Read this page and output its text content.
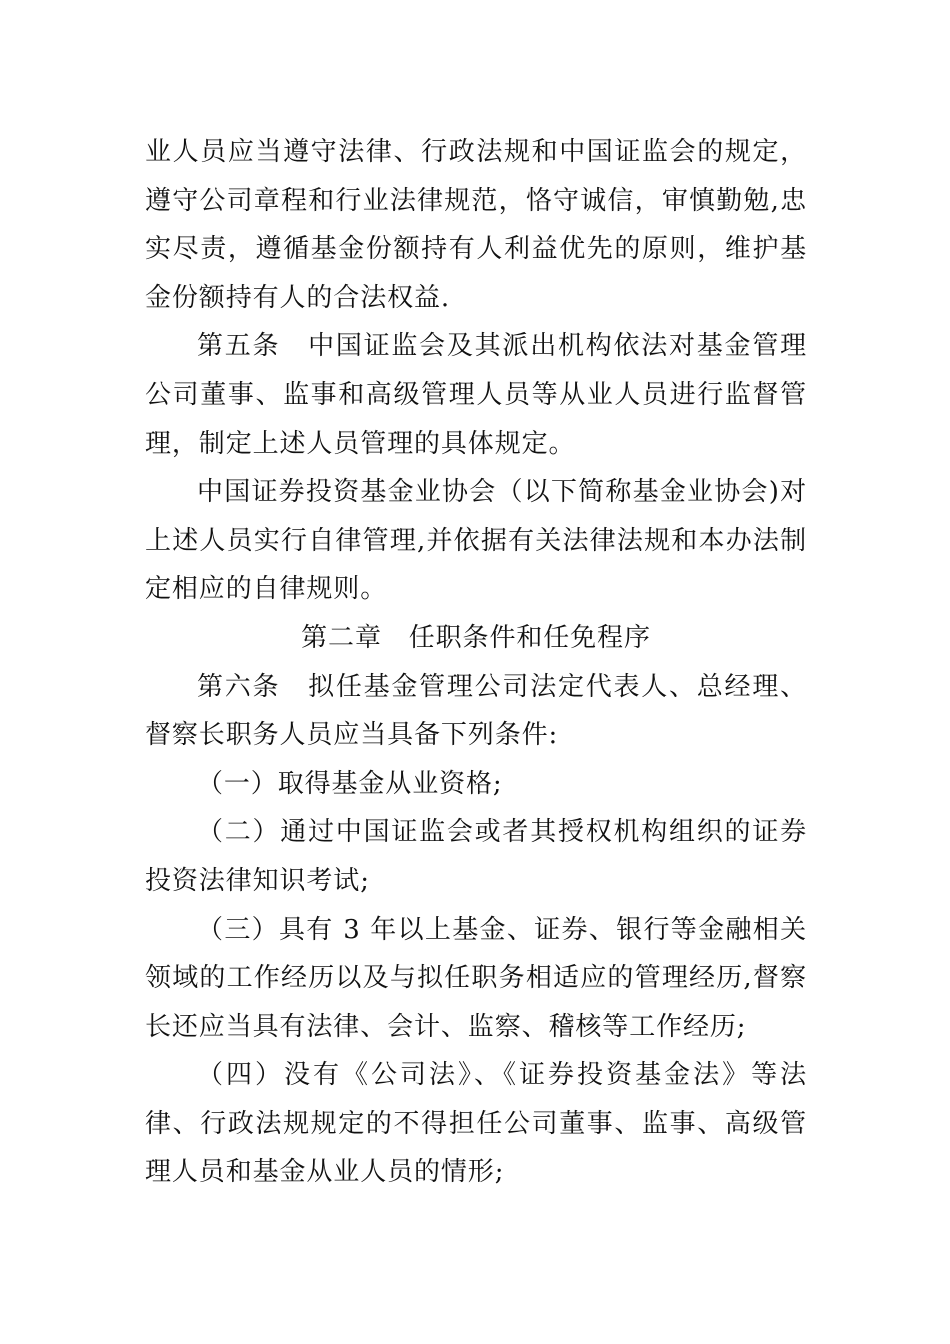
业人员应当遵守法律、行政法规和中国证监会的规定，遵守公司章程和行业法律规范，恪守诚信，审慎勤勉,忠实尽责，遵循基金份额持有人利益优先的原则，维护基金份额持有人的合法权益.

第五条　中国证监会及其派出机构依法对基金管理公司董事、监事和高级管理人员等从业人员进行监督管理，制定上述人员管理的具体规定。

中国证券投资基金业协会（以下简称基金业协会)对上述人员实行自律管理,并依据有关法律法规和本办法制定相应的自律规则。

第二章　任职条件和任免程序

第六条　拟任基金管理公司法定代表人、总经理、督察长职务人员应当具备下列条件:

（一）取得基金从业资格;

（二）通过中国证监会或者其授权机构组织的证券投资法律知识考试;

（三）具有 3 年以上基金、证券、银行等金融相关领域的工作经历以及与拟任职务相适应的管理经历,督察长还应当具有法律、会计、监察、稽核等工作经历;

（四）没有《公司法》、《证券投资基金法》等法律、行政法规规定的不得担任公司董事、监事、高级管理人员和基金从业人员的情形;
